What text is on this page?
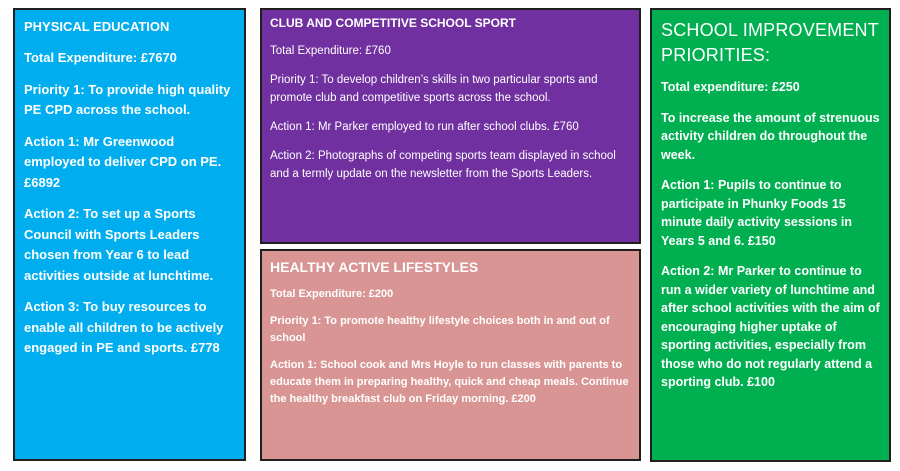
PHYSICAL EDUCATION

Total Expenditure: £7670

Priority 1: To provide high quality PE CPD across the school.

Action 1: Mr Greenwood employed to deliver CPD on PE. £6892

Action 2: To set up a Sports Council with Sports Leaders chosen from Year 6 to lead activities outside at lunchtime.

Action 3: To buy resources to enable all children to be actively engaged in PE and sports. £778

CLUB AND COMPETITIVE SCHOOL SPORT

Total Expenditure: £760

Priority 1: To develop children’s skills in two particular sports and promote club and competitive sports across the school.

Action 1: Mr Parker employed to run after school clubs. £760

Action 2: Photographs of competing sports team displayed in school and a termly update on the newsletter from the Sports Leaders.

HEALTHY ACTIVE LIFESTYLES

Total Expenditure: £200

Priority 1: To promote healthy lifestyle choices both in and out of school

Action 1: School cook and Mrs Hoyle to run classes with parents to educate them in preparing healthy, quick and cheap meals. Continue the healthy breakfast club on Friday morning. £200

SCHOOL IMPROVEMENT PRIORITIES:

Total expenditure: £250

To increase the amount of strenuous activity children do throughout the week.

Action 1: Pupils to continue to participate in Phunky Foods 15 minute daily activity sessions in Years 5 and 6. £150

Action 2: Mr Parker to continue to run a wider variety of lunchtime and after school activities with the aim of encouraging higher uptake of sporting activities, especially from those who do not regularly attend a sporting club. £100
